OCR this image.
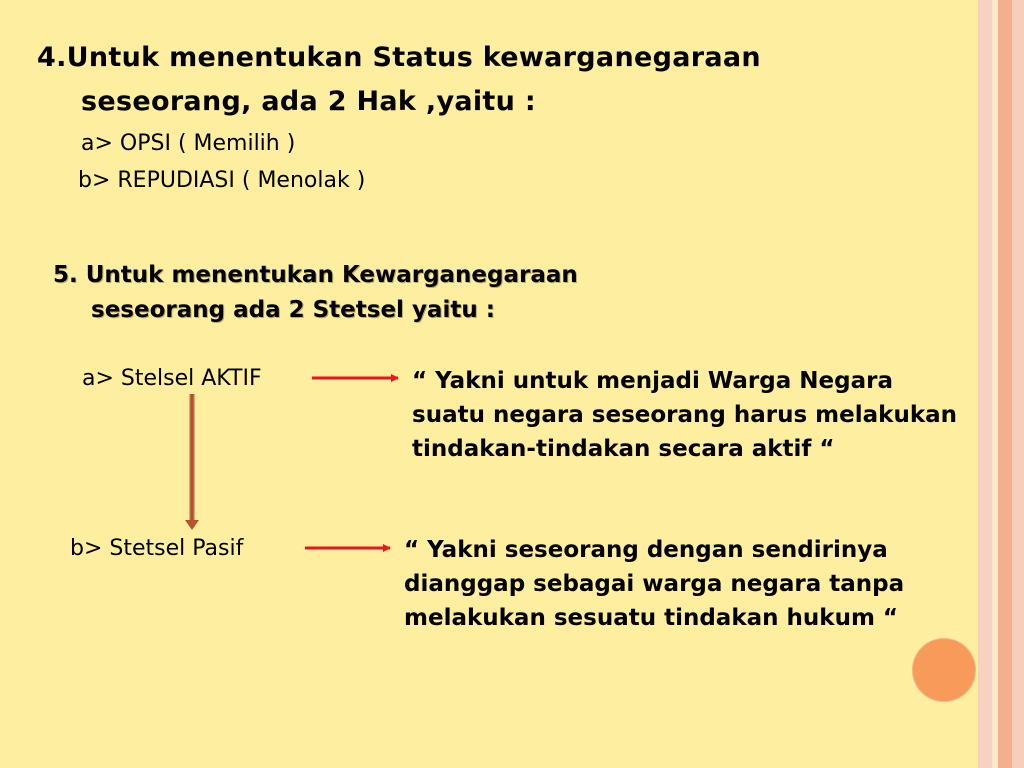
4.Untuk menentukan Status kewarganegaraan
seseorang, ada 2 Hak ,yaitu :
a> OPSI ( Memilih )
b> REPUDIASI ( Menolak )
5. Untuk menentukan Kewarganegaraan
seseorang ada 2 Stetsel yaitu :
a> Stelsel AKTIF	“ Yakni untuk menjadi Warga Negara suatu negara seseorang harus melakukan tindakan-tindakan secara aktif “
b> Stetsel Pasif	“ Yakni seseorang dengan sendirinya dianggap sebagai warga negara tanpa melakukan sesuatu tindakan hukum “
